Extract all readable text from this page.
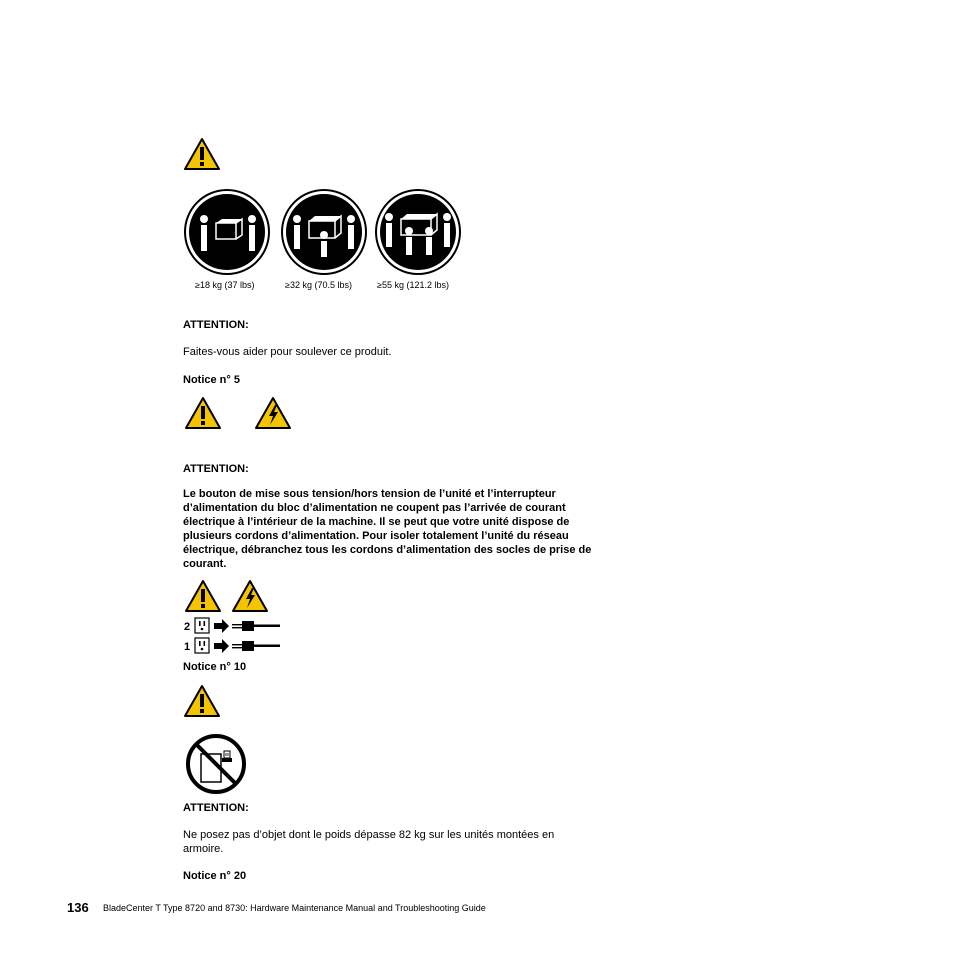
≥18 kg (37 lbs)	≥32 kg (70.5 lbs)	≥55 kg (121.2 lbs)
ATTENTION:
Faites-vous aider pour soulever ce produit.
Notice n° 5
ATTENTION:
Le bouton de mise sous tension/hors tension de l’unité et l’interrupteur d’alimentation du bloc d’alimentation ne coupent pas l’arrivée de courant électrique à l’intérieur de la machine. Il se peut que votre unité dispose de plusieurs cordons d’alimentation. Pour isoler totalement l’unité du réseau électrique, débranchez tous les cordons d’alimentation des socles de prise de courant.
2
1
Notice n° 10
ATTENTION:
Ne posez pas d’objet dont le poids dépasse 82 kg sur les unités montées en armoire.
Notice n° 20
136 BladeCenter T Type 8720 and 8730: Hardware Maintenance Manual and Troubleshooting Guide
